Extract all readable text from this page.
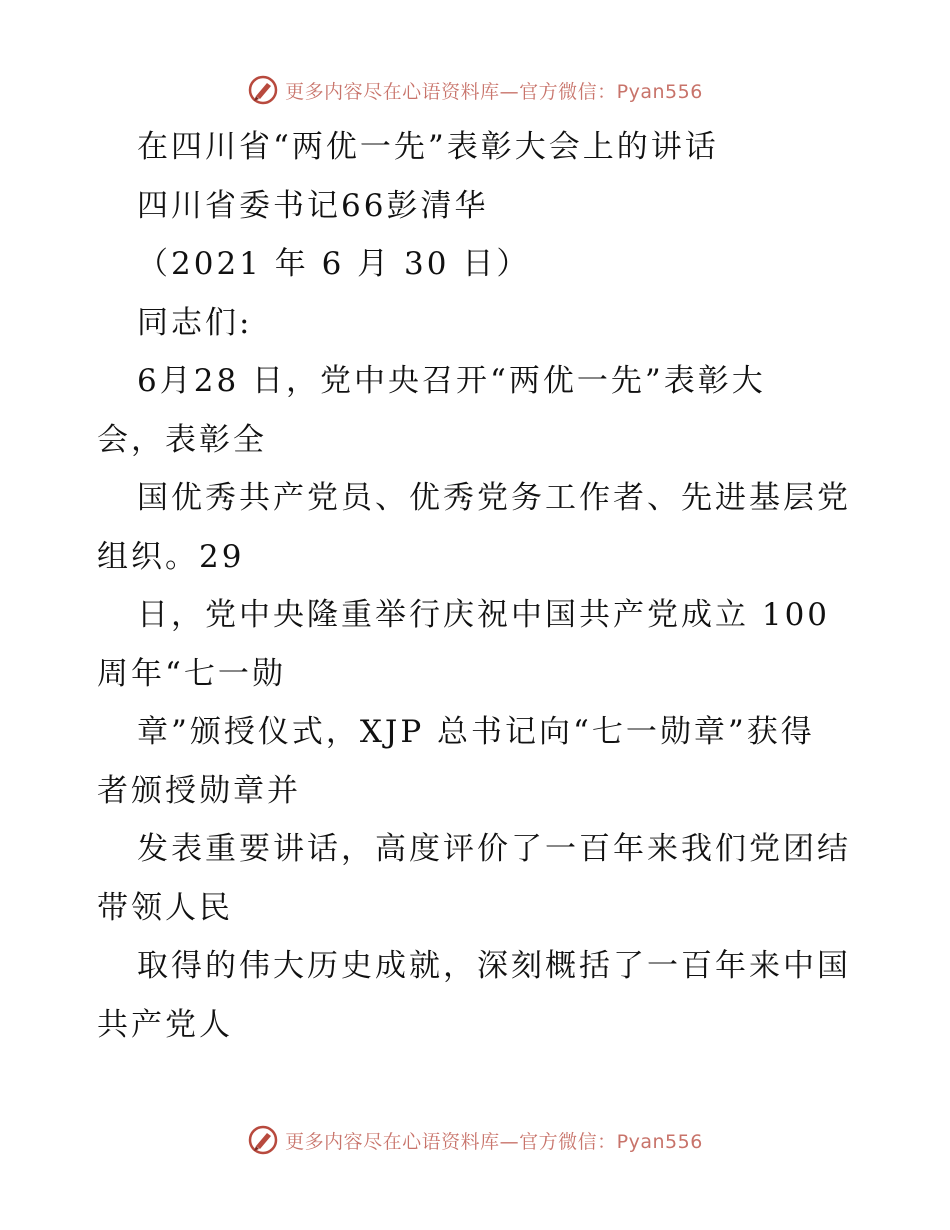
更多内容尽在心语资料库—官方微信：Pyan556
在四川省“两优一先”表彰大会上的讲话
四川省委书记66彭清华
（2021 年 6 月 30 日）
同志们:
6月28 日，党中央召开“两优一先”表彰大
会，表彰全
国优秀共产党员、优秀党务工作者、先进基层党
组织。29
日，党中央隆重举行庆祝中国共产党成立 100
周年“七一勋
章”颁授仪式，XJP 总书记向“七一勋章”获得
者颁授勋章并
发表重要讲话，高度评价了一百年来我们党团结
带领人民
取得的伟大历史成就，深刻概括了一百年来中国
共产党人
更多内容尽在心语资料库—官方微信：Pyan556
